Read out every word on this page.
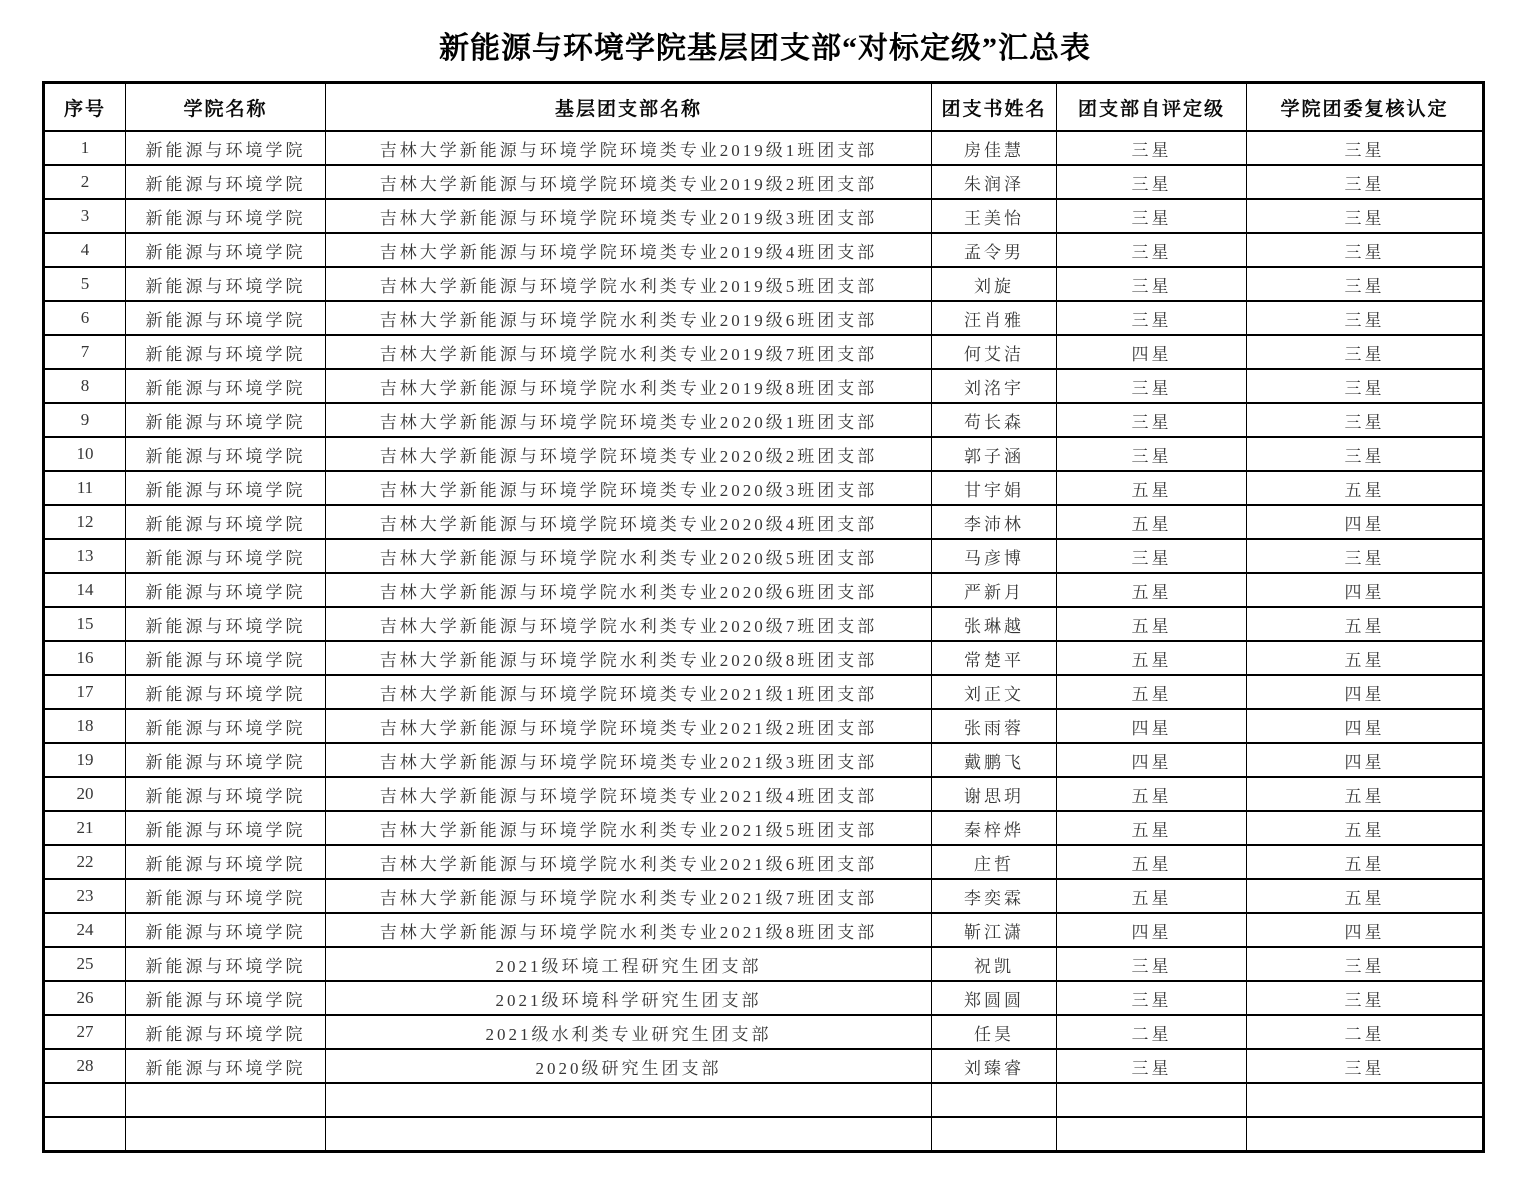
新能源与环境学院基层团支部“对标定级”汇总表
序号	学院名称	基层团支部名称	团支书姓名	团支部自评定级	学院团委复核认定
1	新能源与环境学院	吉林大学新能源与环境学院环境类专业2019级1班团支部	房佳慧	三星	三星
2	新能源与环境学院	吉林大学新能源与环境学院环境类专业2019级2班团支部	朱润泽	三星	三星
3	新能源与环境学院	吉林大学新能源与环境学院环境类专业2019级3班团支部	王美怡	三星	三星
4	新能源与环境学院	吉林大学新能源与环境学院环境类专业2019级4班团支部	孟令男	三星	三星
5	新能源与环境学院	吉林大学新能源与环境学院水利类专业2019级5班团支部	刘旋	三星	三星
6	新能源与环境学院	吉林大学新能源与环境学院水利类专业2019级6班团支部	汪肖雅	三星	三星
7	新能源与环境学院	吉林大学新能源与环境学院水利类专业2019级7班团支部	何艾洁	四星	三星
8	新能源与环境学院	吉林大学新能源与环境学院水利类专业2019级8班团支部	刘洺宇	三星	三星
9	新能源与环境学院	吉林大学新能源与环境学院环境类专业2020级1班团支部	苟长森	三星	三星
10	新能源与环境学院	吉林大学新能源与环境学院环境类专业2020级2班团支部	郭子涵	三星	三星
11	新能源与环境学院	吉林大学新能源与环境学院环境类专业2020级3班团支部	甘宇娟	五星	五星
12	新能源与环境学院	吉林大学新能源与环境学院环境类专业2020级4班团支部	李沛林	五星	四星
13	新能源与环境学院	吉林大学新能源与环境学院水利类专业2020级5班团支部	马彦博	三星	三星
14	新能源与环境学院	吉林大学新能源与环境学院水利类专业2020级6班团支部	严新月	五星	四星
15	新能源与环境学院	吉林大学新能源与环境学院水利类专业2020级7班团支部	张琳越	五星	五星
16	新能源与环境学院	吉林大学新能源与环境学院水利类专业2020级8班团支部	常楚平	五星	五星
17	新能源与环境学院	吉林大学新能源与环境学院环境类专业2021级1班团支部	刘正文	五星	四星
18	新能源与环境学院	吉林大学新能源与环境学院环境类专业2021级2班团支部	张雨蓉	四星	四星
19	新能源与环境学院	吉林大学新能源与环境学院环境类专业2021级3班团支部	戴鹏飞	四星	四星
20	新能源与环境学院	吉林大学新能源与环境学院环境类专业2021级4班团支部	谢思玥	五星	五星
21	新能源与环境学院	吉林大学新能源与环境学院水利类专业2021级5班团支部	秦梓烨	五星	五星
22	新能源与环境学院	吉林大学新能源与环境学院水利类专业2021级6班团支部	庄哲	五星	五星
23	新能源与环境学院	吉林大学新能源与环境学院水利类专业2021级7班团支部	李奕霖	五星	五星
24	新能源与环境学院	吉林大学新能源与环境学院水利类专业2021级8班团支部	靳江潇	四星	四星
25	新能源与环境学院	2021级环境工程研究生团支部	祝凯	三星	三星
26	新能源与环境学院	2021级环境科学研究生团支部	郑圆圆	三星	三星
27	新能源与环境学院	2021级水利类专业研究生团支部	任昊	二星	二星
28	新能源与环境学院	2020级研究生团支部	刘臻睿	三星	三星
